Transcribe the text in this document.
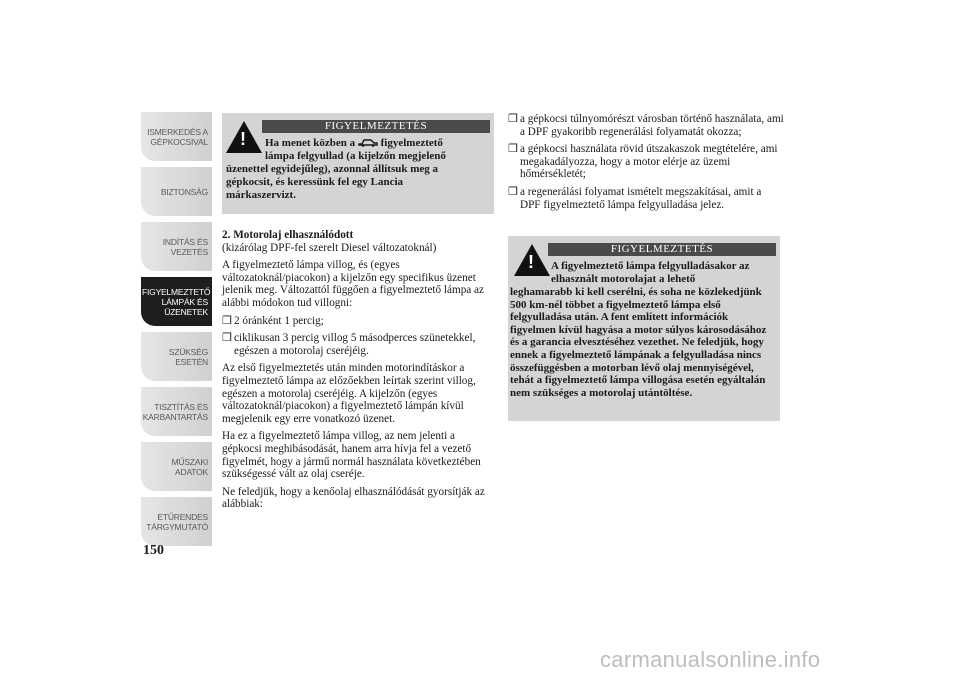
ISMERKEDÉS A
GÉPKOCSIVAL
BIZTONSÁG
INDÍTÁS ÉS
VEZETÉS
FIGYELMEZTETŐ
LÁMPÁK ÉS
ÜZENETEK
SZÜKSÉG ESETÉN
TISZTÍTÁS ÉS
KARBANTARTÁS
MŰSZAKI ADATOK
ETŰRENDES
TÁRGYMUTATÓ
150
FIGYELMEZTETÉS
!
Ha menet közben a figyelmeztető
lámpa felgyullad (a kijelzőn megjelenő
üzenettel egyidejűleg), azonnal állítsuk meg a
gépkocsit, és keressünk fel egy Lancia
márkaszervizt.

2. Motorolaj elhasználódott

(kizárólag DPF-fel szerelt Diesel változatoknál)

A figyelmeztető lámpa villog, és (egyes változatoknál/piacokon) a kijelzőn egy specifikus üzenet jelenik meg. Változattól függően a figyelmeztető lámpa az alábbi módokon tud villogni:

❒ 2 óránként 1 percig;
❒ ciklikusan 3 percig villog 5 másodperces szünetekkel, egészen a motorolaj cseréjéig.

Az első figyelmeztetés után minden motorindításkor a figyelmeztető lámpa az előzőekben leírtak szerint villog, egészen a motorolaj cseréjéig. A kijelzőn (egyes változatoknál/piacokon) a figyelmeztető lámpán kívül megjelenik egy erre vonatkozó üzenet.

Ha ez a figyelmeztető lámpa villog, az nem jelenti a gépkocsi meghibásodását, hanem arra hívja fel a vezető figyelmét, hogy a jármű normál használata következtében szükségessé vált az olaj cseréje.

Ne feledjük, hogy a kenőolaj elhasználódását gyorsítják az alábbiak:

❒ a gépkocsi túlnyomórészt városban történő használata, ami a DPF gyakoribb regenerálási folyamatát okozza;
❒ a gépkocsi használata rövid útszakaszok megtételére, ami megakadályozza, hogy a motor elérje az üzemi hőmérsékletét;
❒ a regenerálási folyamat ismételt megszakításai, amit a DPF figyelmeztető lámpa felgyulladása jelez.
FIGYELMEZTETÉS
!
A figyelmeztető lámpa felgyulladásakor az
elhasznált motorolajat a lehető
leghamarabb ki kell cserélni, és soha ne közlekedjünk 500 km-nél többet a figyelmeztető lámpa első felgyulladása után. A fent említett információk figyelmen kívül hagyása a motor súlyos károsodásához és a garancia elvesztéséhez vezethet. Ne feledjük, hogy ennek a figyelmeztető lámpának a felgyulladása nincs összefüggésben a motorban lévő olaj mennyiségével, tehát a figyelmeztető lámpa villogása esetén egyáltalán nem szükséges a motorolaj utántöltése.
carmanualsonline.info
